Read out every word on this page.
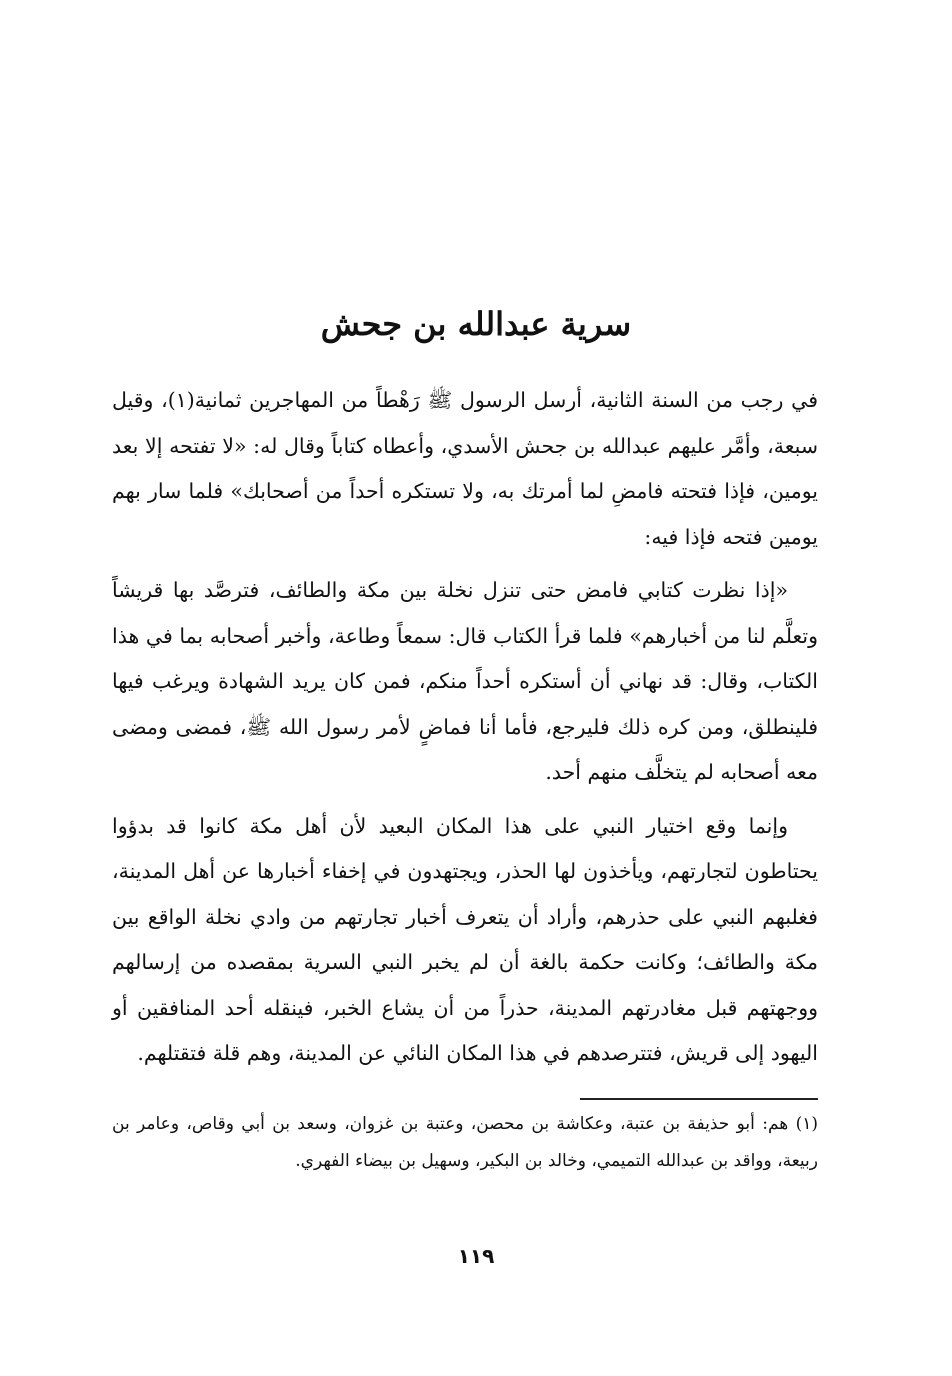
سرية عبدالله بن جحش

في رجب من السنة الثانية، أرسل الرسول ﷺ رَهْطاً من المهاجرين ثمانية(١)، وقيل سبعة، وأمَّر عليهم عبدالله بن جحش الأسدي، وأعطاه كتاباً وقال له: «لا تفتحه إلا بعد يومين، فإذا فتحته فامضِ لما أمرتك به، ولا تستكره أحداً من أصحابك» فلما سار بهم يومين فتحه فإذا فيه:

«إذا نظرت كتابي فامض حتى تنزل نخلة بين مكة والطائف، فترصَّد بها قريشاً وتعلَّم لنا من أخبارهم» فلما قرأ الكتاب قال: سمعاً وطاعة، وأخبر أصحابه بما في هذا الكتاب، وقال: قد نهاني أن أستكره أحداً منكم، فمن كان يريد الشهادة ويرغب فيها فلينطلق، ومن كره ذلك فليرجع، فأما أنا فماضٍ لأمر رسول الله ﷺ، فمضى ومضى معه أصحابه لم يتخلَّف منهم أحد.

وإنما وقع اختيار النبي على هذا المكان البعيد لأن أهل مكة كانوا قد بدؤوا يحتاطون لتجارتهم، ويأخذون لها الحذر، ويجتهدون في إخفاء أخبارها عن أهل المدينة، فغلبهم النبي على حذرهم، وأراد أن يتعرف أخبار تجارتهم من وادي نخلة الواقع بين مكة والطائف؛ وكانت حكمة بالغة أن لم يخبر النبي السرية بمقصده من إرسالهم ووجهتهم قبل مغادرتهم المدينة، حذراً من أن يشاع الخبر، فينقله أحد المنافقين أو اليهود إلى قريش، فتترصدهم في هذا المكان النائي عن المدينة، وهم قلة فتقتلهم.

(١) هم: أبو حذيفة بن عتبة، وعكاشة بن محصن، وعتبة بن غزوان، وسعد بن أبي وقاص، وعامر بن ربيعة، وواقد بن عبدالله التميمي، وخالد بن البكير، وسهيل بن بيضاء الفهري.
١١٩
